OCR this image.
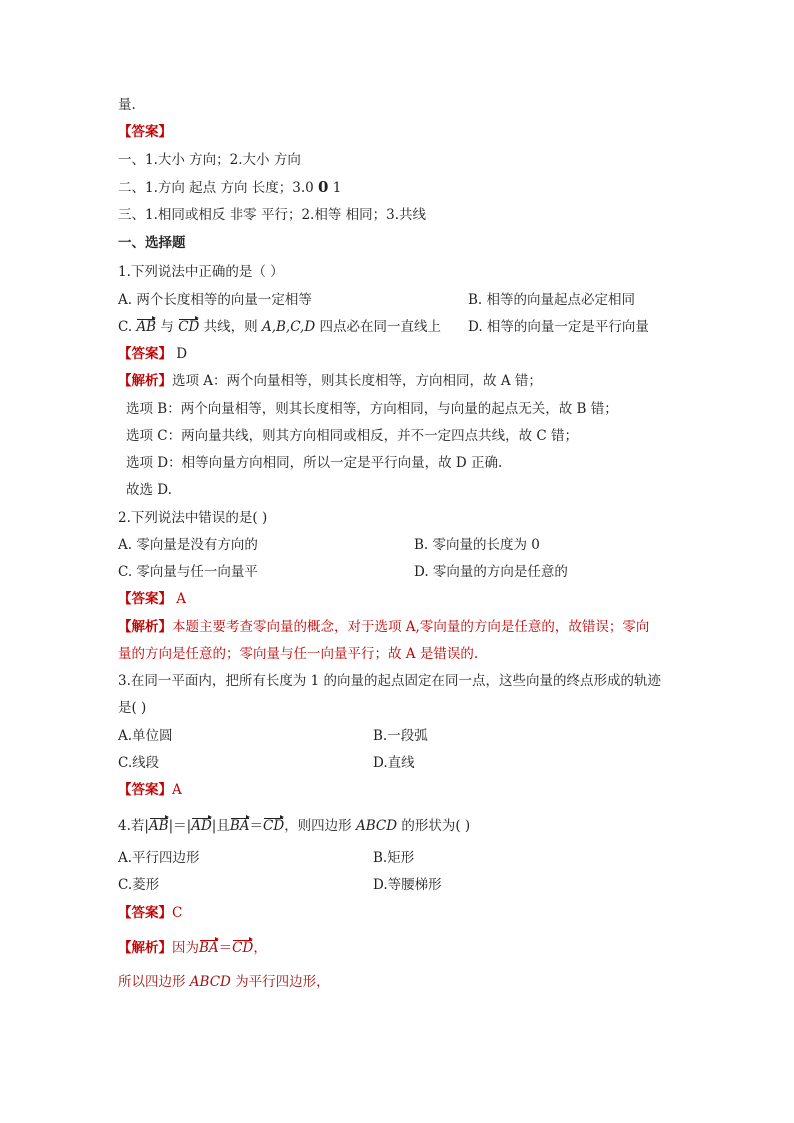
量.
【答案】
一、1.大小 方向；2.大小 方向
二、1.方向 起点 方向 长度；3.0 0 1
三、1.相同或相反 非零 平行；2.相等 相同；3.共线
一、选择题
1.下列说法中正确的是（ ）
A. 两个长度相等的向量一定相等	B. 相等的向量起点必定相同
C. AB 与 CD 共线，则 A,B,C,D 四点必在同一直线上 D. 相等的向量一定是平行向量
【答案】 D
【解析】选项 A：两个向量相等，则其长度相等，方向相同，故 A 错；
选项 B：两个向量相等，则其长度相等，方向相同，与向量的起点无关，故 B 错；
选项 C：两向量共线，则其方向相同或相反，并不一定四点共线，故 C 错；
选项 D：相等向量方向相同，所以一定是平行向量，故 D 正确.
故选 D.
2.下列说法中错误的是( )
A. 零向量是没有方向的	B. 零向量的长度为 0
C. 零向量与任一向量平	D. 零向量的方向是任意的
【答案】 A
【解析】本题主要考查零向量的概念，对于选项 A,零向量的方向是任意的，故错误；零向
量的方向是任意的；零向量与任一向量平行；故 A 是错误的.
3.在同一平面内，把所有长度为 1 的向量的起点固定在同一点，这些向量的终点形成的轨迹
是( )
A.单位圆	B.一段弧
C.线段	D.直线
【答案】A
4.若|AB|＝|AD|且BA＝CD，则四边形 ABCD 的形状为( )
A.平行四边形	B.矩形
C.菱形	D.等腰梯形
【答案】C
【解析】因为BA＝CD，
所以四边形 ABCD 为平行四边形，
